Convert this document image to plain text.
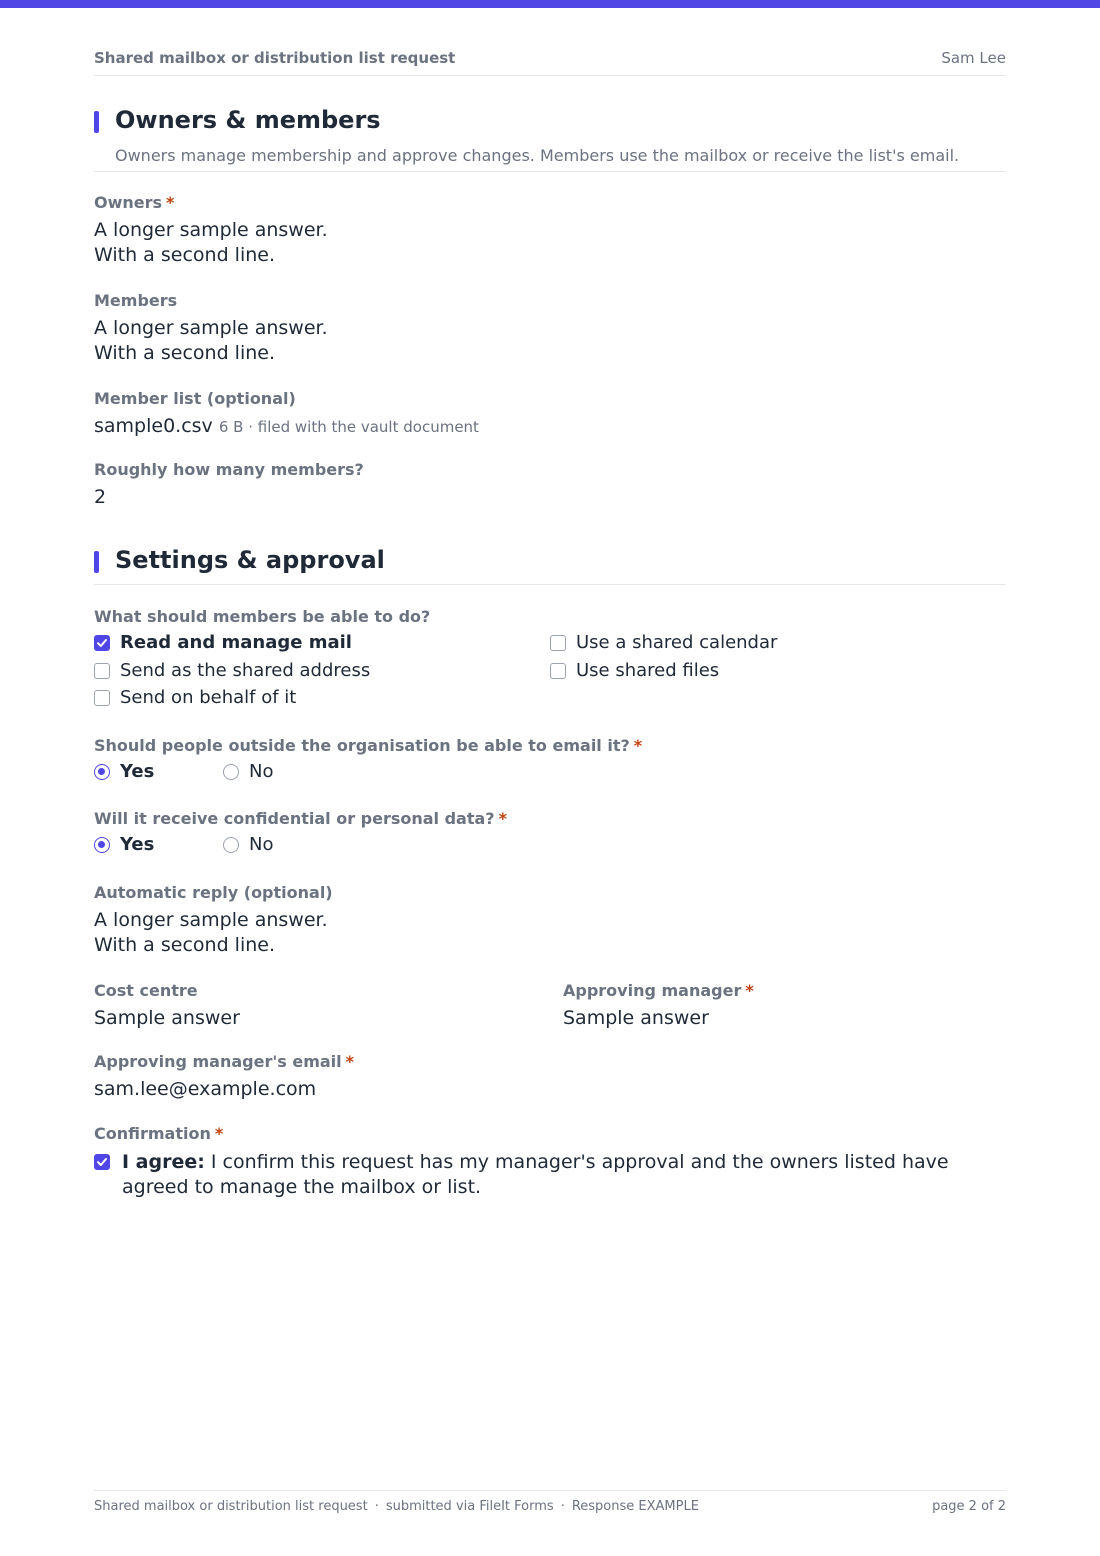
Shared mailbox or distribution list request	Sam Lee
Owners & members
Owners manage membership and approve changes. Members use the mailbox or receive the list's email.
Owners *
A longer sample answer.
With a second line.
Members
A longer sample answer.
With a second line.
Member list (optional)
sample0.csv 6 B · filed with the vault document
Roughly how many members?
2
Settings & approval
What should members be able to do?
Read and manage mail
Send as the shared address
Send on behalf of it
Use a shared calendar
Use shared files
Should people outside the organisation be able to email it? *
Yes	No
Will it receive confidential or personal data? *
Yes	No
Automatic reply (optional)
A longer sample answer.
With a second line.
Cost centre
Sample answer
Approving manager *
Sample answer
Approving manager's email *
sam.lee@example.com
Confirmation *
I agree: I confirm this request has my manager's approval and the owners listed have agreed to manage the mailbox or list.
Shared mailbox or distribution list request · submitted via FileIt Forms · Response EXAMPLE	page 2 of 2
